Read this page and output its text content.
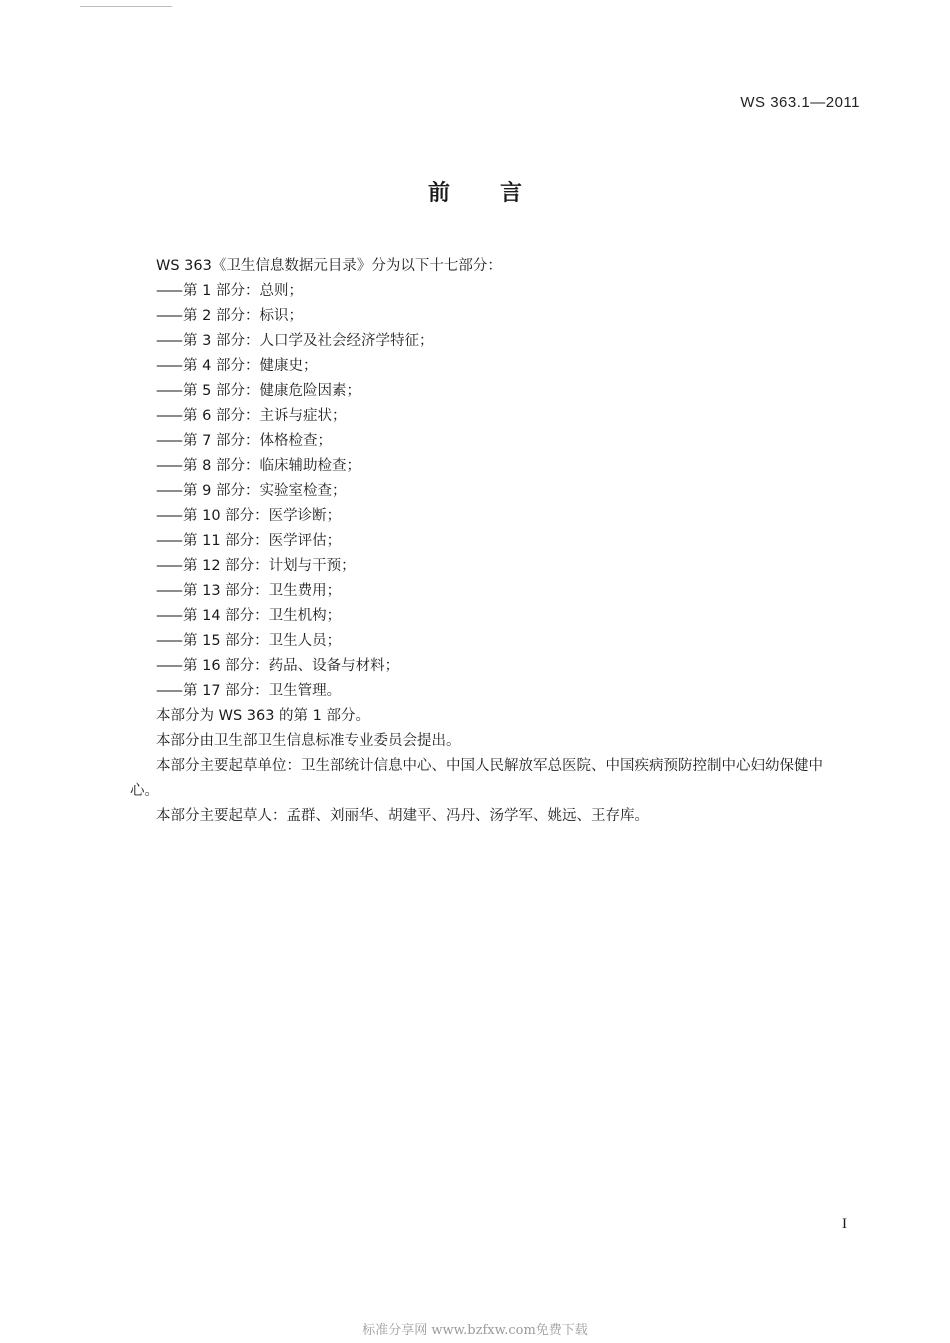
WS 363.1—2011
前言
WS 363《卫生信息数据元目录》分为以下十七部分：
—— 第 1 部分：总则；
—— 第 2 部分：标识；
—— 第 3 部分：人口学及社会经济学特征；
—— 第 4 部分：健康史；
—— 第 5 部分：健康危险因素；
—— 第 6 部分：主诉与症状；
—— 第 7 部分：体格检查；
—— 第 8 部分：临床辅助检查；
—— 第 9 部分：实验室检查；
—— 第 10 部分：医学诊断；
—— 第 11 部分：医学评估；
—— 第 12 部分：计划与干预；
—— 第 13 部分：卫生费用；
—— 第 14 部分：卫生机构；
—— 第 15 部分：卫生人员；
—— 第 16 部分：药品、设备与材料；
—— 第 17 部分：卫生管理。
本部分为 WS 363 的第 1 部分。
本部分由卫生部卫生信息标准专业委员会提出。
本部分主要起草单位：卫生部统计信息中心、中国人民解放军总医院、中国疾病预防控制中心妇幼保健中心。
本部分主要起草人：孟群、刘丽华、胡建平、冯丹、汤学军、姚远、王存库。
I
标准分享网 www.bzfxw.com免费下载
